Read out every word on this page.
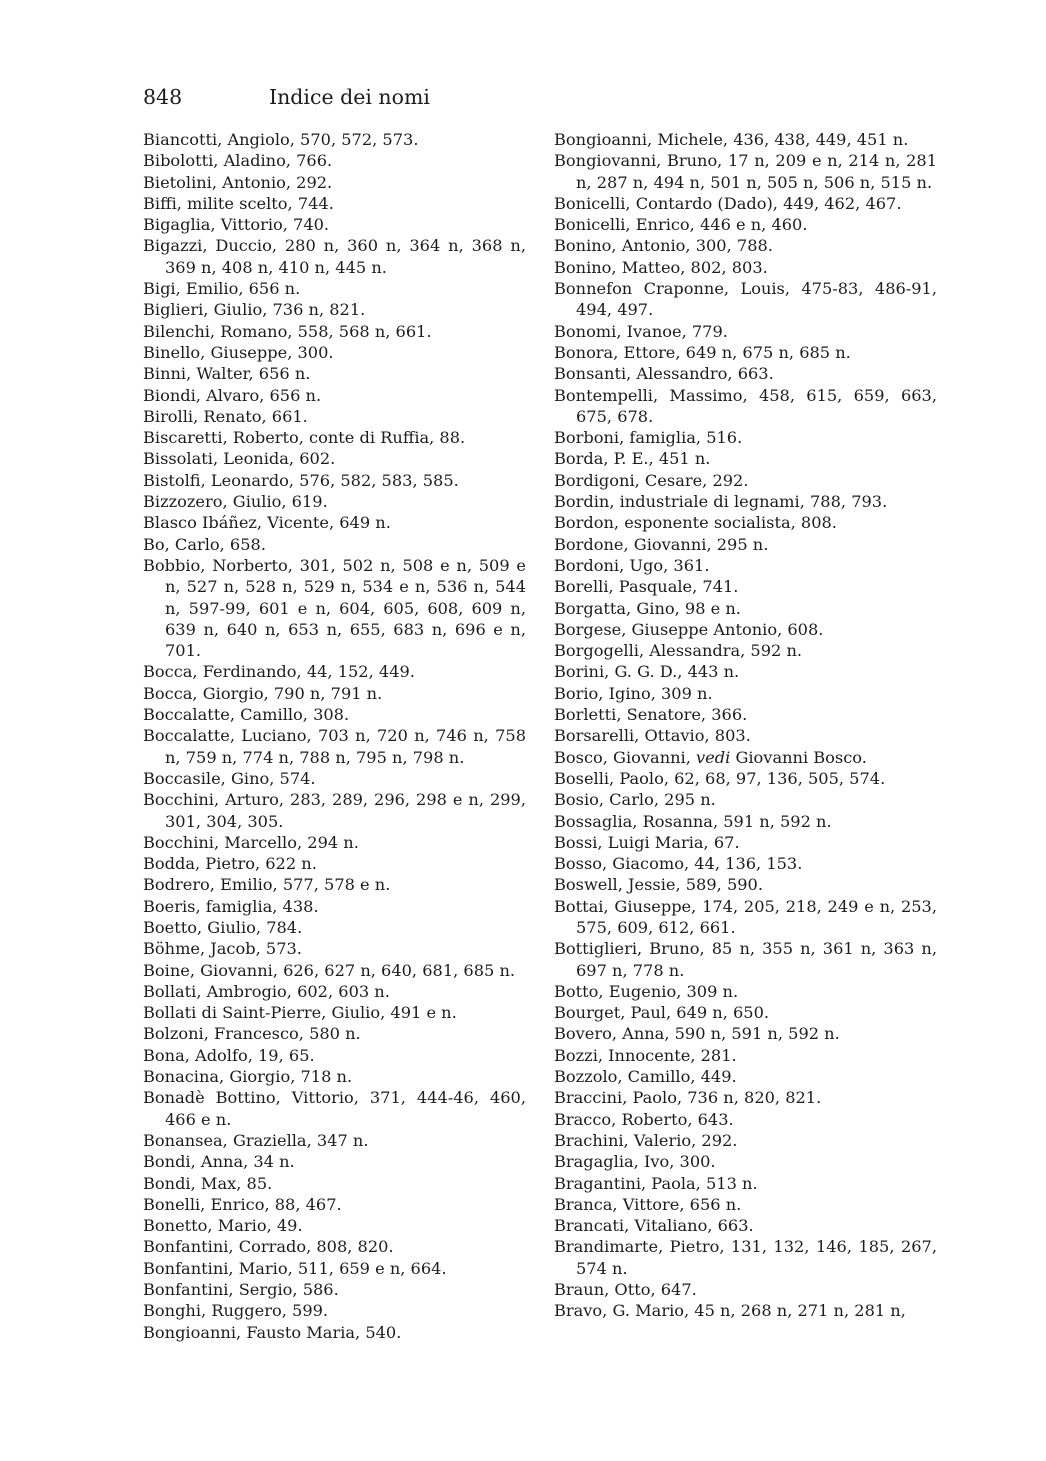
848	Indice dei nomi

Biancotti, Angiolo, 570, 572, 573.

Bibolotti, Aladino, 766.

Bietolini, Antonio, 292.

Biffi, milite scelto, 744.

Bigaglia, Vittorio, 740.

Bigazzi, Duccio, 280 n, 360 n, 364 n, 368 n, 369 n, 408 n, 410 n, 445 n.

Bigi, Emilio, 656 n.

Biglieri, Giulio, 736 n, 821.

Bilenchi, Romano, 558, 568 n, 661.

Binello, Giuseppe, 300.

Binni, Walter, 656 n.

Biondi, Alvaro, 656 n.

Birolli, Renato, 661.

Biscaretti, Roberto, conte di Ruffia, 88.

Bissolati, Leonida, 602.

Bistolfi, Leonardo, 576, 582, 583, 585.

Bizzozero, Giulio, 619.

Blasco Ibáñez, Vicente, 649 n.

Bo, Carlo, 658.

Bobbio, Norberto, 301, 502 n, 508 e n, 509 e n, 527 n, 528 n, 529 n, 534 e n, 536 n, 544 n, 597-99, 601 e n, 604, 605, 608, 609 n, 639 n, 640 n, 653 n, 655, 683 n, 696 e n, 701.

Bocca, Ferdinando, 44, 152, 449.

Bocca, Giorgio, 790 n, 791 n.

Boccalatte, Camillo, 308.

Boccalatte, Luciano, 703 n, 720 n, 746 n, 758 n, 759 n, 774 n, 788 n, 795 n, 798 n.

Boccasile, Gino, 574.

Bocchini, Arturo, 283, 289, 296, 298 e n, 299, 301, 304, 305.

Bocchini, Marcello, 294 n.

Bodda, Pietro, 622 n.

Bodrero, Emilio, 577, 578 e n.

Boeris, famiglia, 438.

Boetto, Giulio, 784.

Böhme, Jacob, 573.

Boine, Giovanni, 626, 627 n, 640, 681, 685 n.

Bollati, Ambrogio, 602, 603 n.

Bollati di Saint-Pierre, Giulio, 491 e n.

Bolzoni, Francesco, 580 n.

Bona, Adolfo, 19, 65.

Bonacina, Giorgio, 718 n.

Bonadè Bottino, Vittorio, 371, 444-46, 460, 466 e n.

Bonansea, Graziella, 347 n.

Bondi, Anna, 34 n.

Bondi, Max, 85.

Bonelli, Enrico, 88, 467.

Bonetto, Mario, 49.

Bonfantini, Corrado, 808, 820.

Bonfantini, Mario, 511, 659 e n, 664.

Bonfantini, Sergio, 586.

Bonghi, Ruggero, 599.

Bongioanni, Fausto Maria, 540.

Bongioanni, Michele, 436, 438, 449, 451 n.

Bongiovanni, Bruno, 17 n, 209 e n, 214 n, 281 n, 287 n, 494 n, 501 n, 505 n, 506 n, 515 n.

Bonicelli, Contardo (Dado), 449, 462, 467.

Bonicelli, Enrico, 446 e n, 460.

Bonino, Antonio, 300, 788.

Bonino, Matteo, 802, 803.

Bonnefon Craponne, Louis, 475-83, 486-91, 494, 497.

Bonomi, Ivanoe, 779.

Bonora, Ettore, 649 n, 675 n, 685 n.

Bonsanti, Alessandro, 663.

Bontempelli, Massimo, 458, 615, 659, 663, 675, 678.

Borboni, famiglia, 516.

Borda, P. E., 451 n.

Bordigoni, Cesare, 292.

Bordin, industriale di legnami, 788, 793.

Bordon, esponente socialista, 808.

Bordone, Giovanni, 295 n.

Bordoni, Ugo, 361.

Borelli, Pasquale, 741.

Borgatta, Gino, 98 e n.

Borgese, Giuseppe Antonio, 608.

Borgogelli, Alessandra, 592 n.

Borini, G. G. D., 443 n.

Borio, Igino, 309 n.

Borletti, Senatore, 366.

Borsarelli, Ottavio, 803.

Bosco, Giovanni, vedi Giovanni Bosco.

Boselli, Paolo, 62, 68, 97, 136, 505, 574.

Bosio, Carlo, 295 n.

Bossaglia, Rosanna, 591 n, 592 n.

Bossi, Luigi Maria, 67.

Bosso, Giacomo, 44, 136, 153.

Boswell, Jessie, 589, 590.

Bottai, Giuseppe, 174, 205, 218, 249 e n, 253, 575, 609, 612, 661.

Bottiglieri, Bruno, 85 n, 355 n, 361 n, 363 n, 697 n, 778 n.

Botto, Eugenio, 309 n.

Bourget, Paul, 649 n, 650.

Bovero, Anna, 590 n, 591 n, 592 n.

Bozzi, Innocente, 281.

Bozzolo, Camillo, 449.

Braccini, Paolo, 736 n, 820, 821.

Bracco, Roberto, 643.

Brachini, Valerio, 292.

Bragaglia, Ivo, 300.

Bragantini, Paola, 513 n.

Branca, Vittore, 656 n.

Brancati, Vitaliano, 663.

Brandimarte, Pietro, 131, 132, 146, 185, 267, 574 n.

Braun, Otto, 647.

Bravo, G. Mario, 45 n, 268 n, 271 n, 281 n,
